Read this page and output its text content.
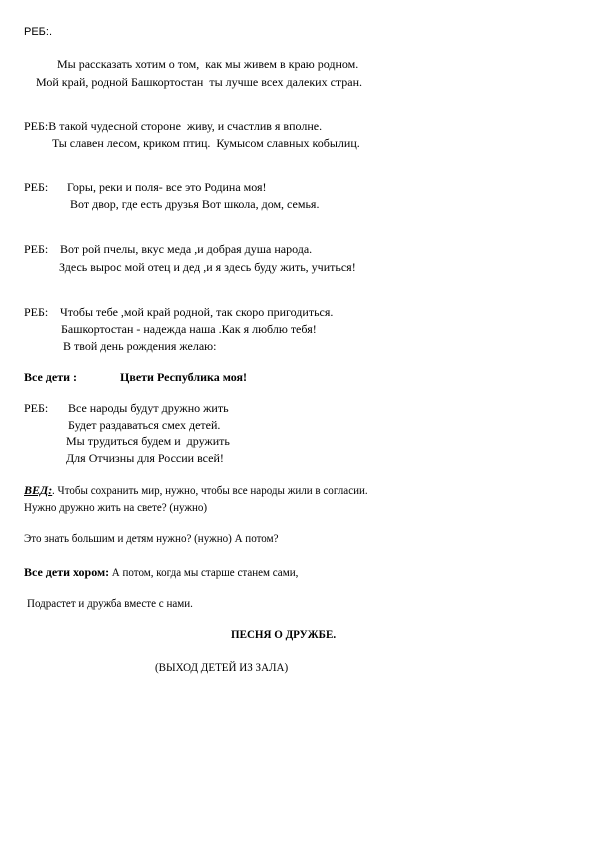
РЕБ:.
Мы рассказать хотим о том,  как мы живем в краю родном.
Мой край, родной Башкортостан  ты лучше всех далеких стран.
РЕБ:В такой чудесной стороне  живу, и счастлив я вполне.
Ты славен лесом, криком птиц.  Кумысом славных кобылиц.
РЕБ: Горы, реки и поля- все это Родина моя!
Вот двор, где есть друзья Вот школа, дом, семья.
РЕБ: Вот рой пчелы, вкус меда ,и добрая душа народа.
Здесь вырос мой отец и дед ,и я здесь буду жить, учиться!
РЕБ: Чтобы тебе ,мой край родной, так скоро пригодиться.
Башкортостан - надежда наша .Как я люблю тебя!
В твой день рождения желаю:
Все дети :	Цвети Республика моя!
РЕБ: Все народы будут дружно жить
Будет раздаваться смех детей.
Мы трудиться будем и  дружить
Для Отчизны для России всей!
ВЕД:. Чтобы сохранить мир, нужно, чтобы все народы жили в согласии.
Нужно дружно жить на свете? (нужно)
Это знать большим и детям нужно? (нужно) А потом?
Все дети хором: А потом, когда мы старше станем сами,
Подрастет и дружба вместе с нами.
ПЕСНЯ О ДРУЖБЕ.
(ВЫХОД ДЕТЕЙ ИЗ ЗАЛА)
